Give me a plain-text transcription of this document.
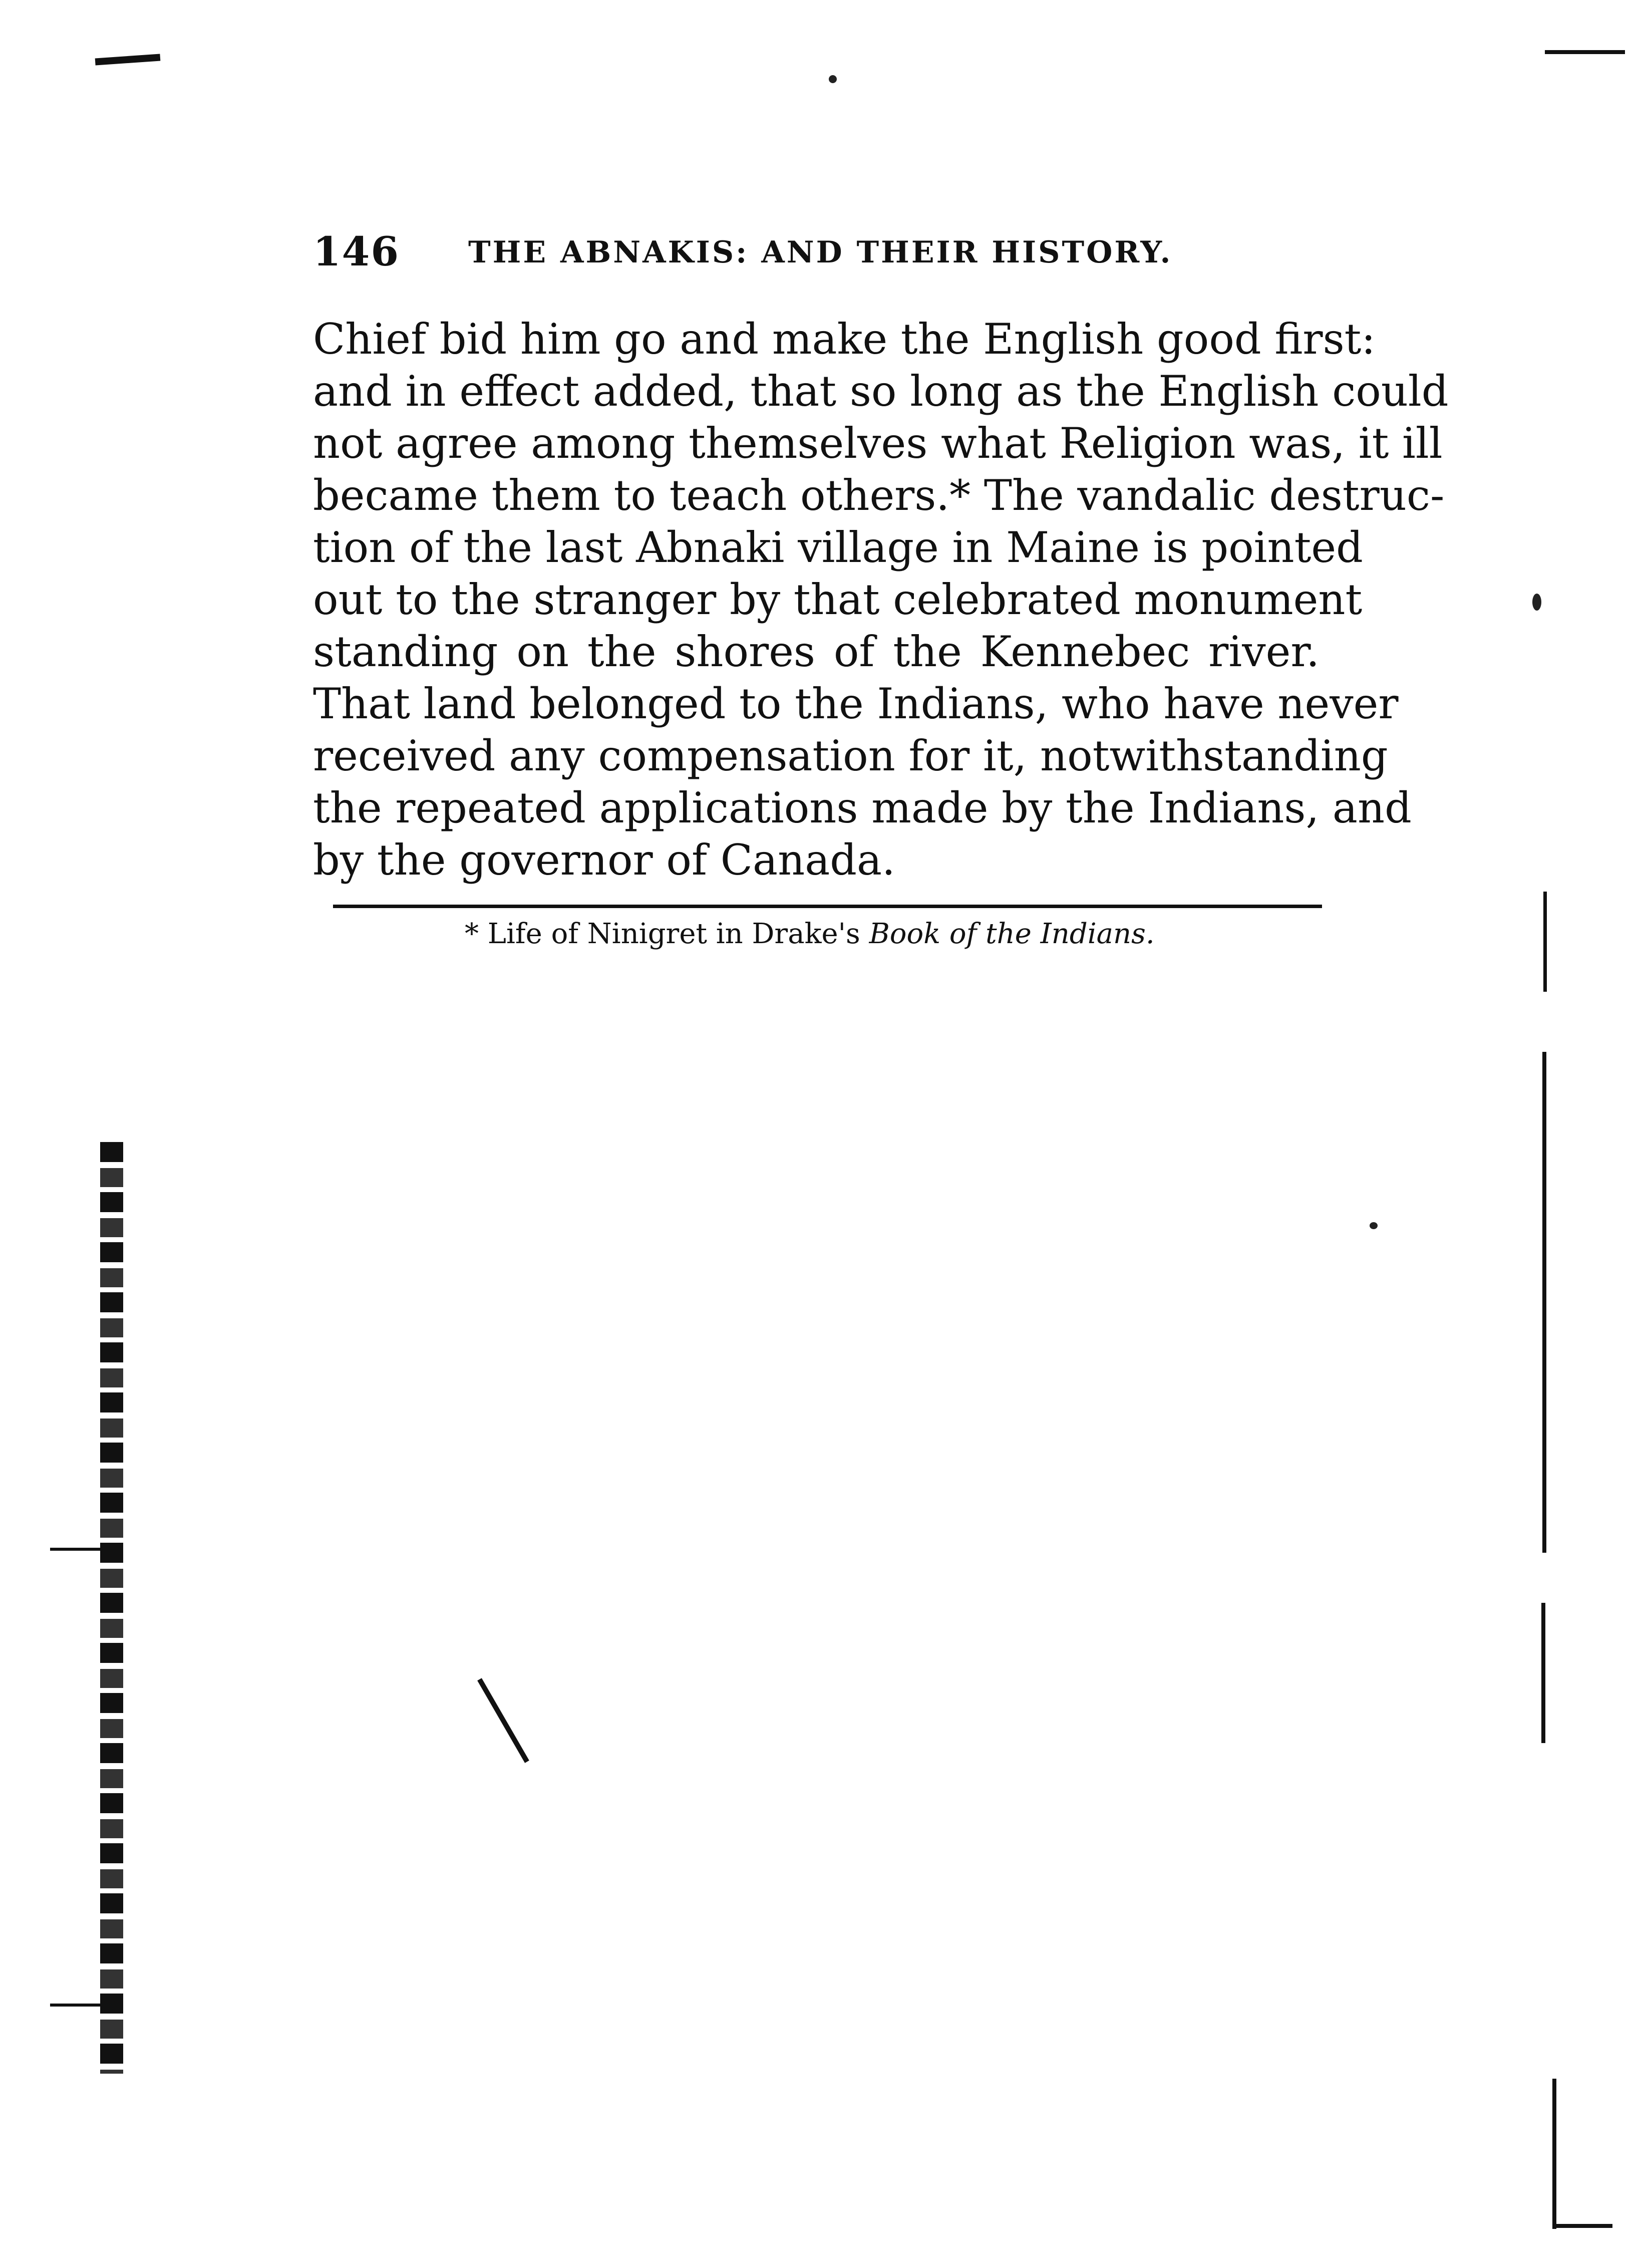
146 THE ABNAKIS: AND THEIR HISTORY.
Chief bid him go and make the English good first:
and in effect added, that so long as the English could
not agree among themselves what Religion was, it ill
became them to teach others.* The vandalic destruc-
tion of the last Abnaki village in Maine is pointed
out to the stranger by that celebrated monument
standing on the shores of the Kennebec river.
That land belonged to the Indians, who have never
received any compensation for it, notwithstanding
the repeated applications made by the Indians, and
by the governor of Canada.
* Life of Ninigret in Drake's Book of the Indians.
